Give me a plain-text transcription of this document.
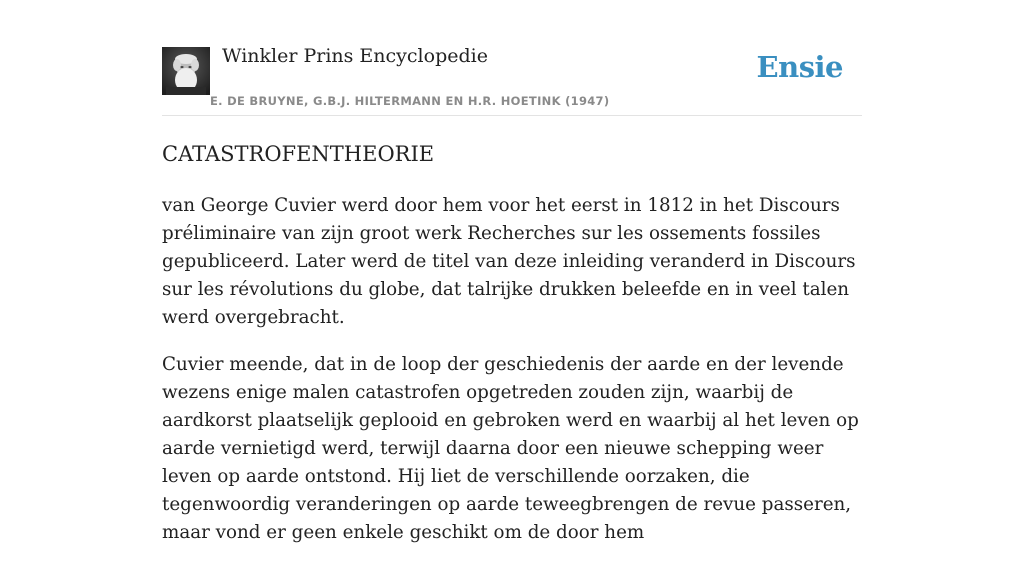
Winkler Prins Encyclopedie
E. DE BRUYNE, G.B.J. HILTERMANN EN H.R. HOETINK (1947)
Ensie
CATASTROFENTHEORIE

van George Cuvier werd door hem voor het eerst in 1812 in het Discours préliminaire van zijn groot werk Recherches sur les ossements fossiles gepubliceerd. Later werd de titel van deze inleiding veranderd in Discours sur les révolutions du globe, dat talrijke drukken beleefde en in veel talen werd overgebracht.

Cuvier meende, dat in de loop der geschiedenis der aarde en der levende wezens enige malen catastrofen opgetreden zouden zijn, waarbij de aardkorst plaatselijk geplooid en gebroken werd en waarbij al het leven op aarde vernietigd werd, terwijl daarna door een nieuwe schepping weer leven op aarde ontstond. Hij liet de verschillende oorzaken, die tegenwoordig veranderingen op aarde teweegbrengen de revue passeren, maar vond er geen enkele geschikt om de door hem
